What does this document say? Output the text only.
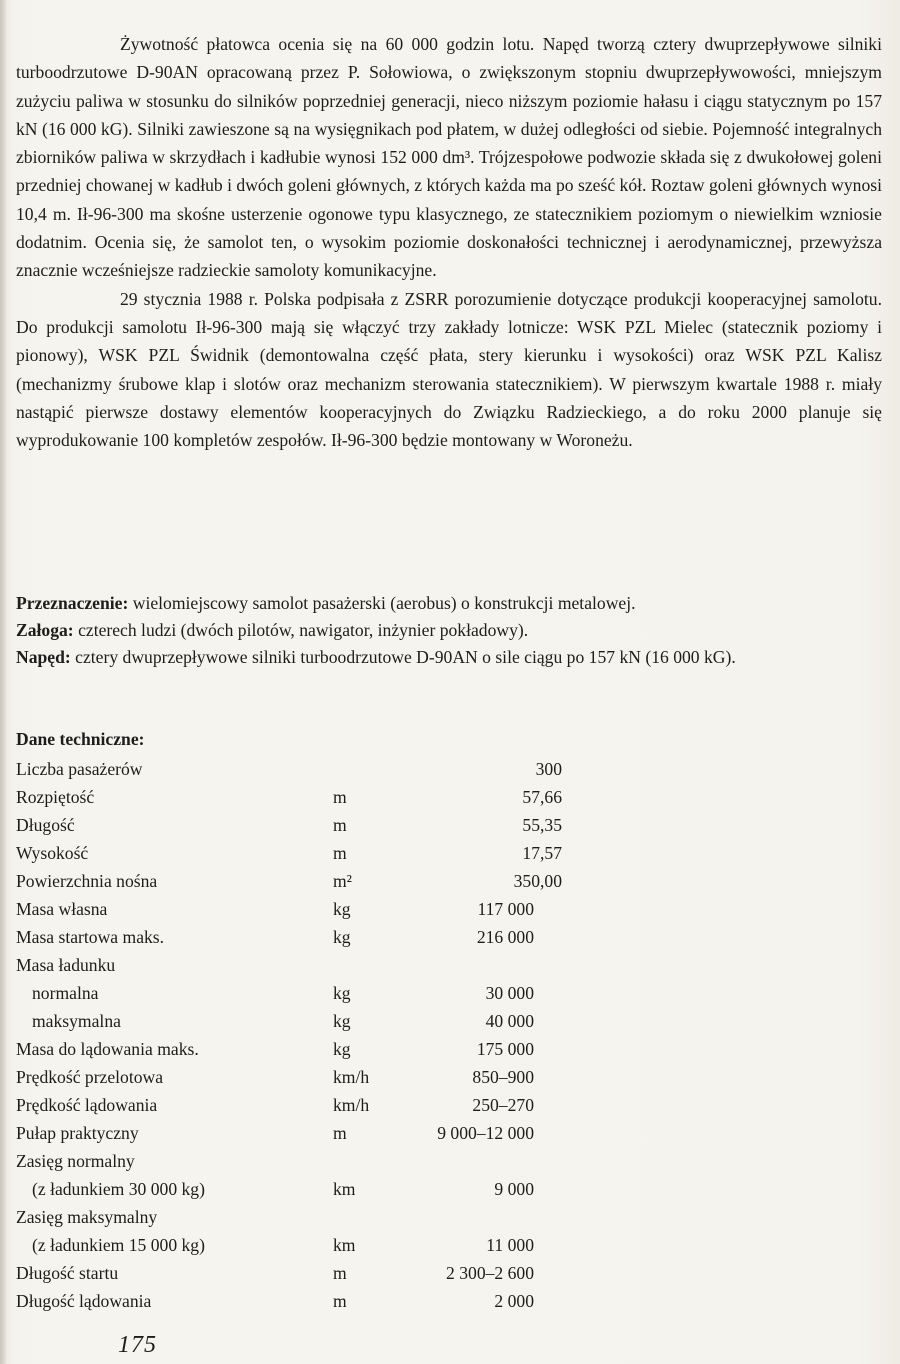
Żywotność płatowca ocenia się na 60 000 godzin lotu. Napęd tworzą cztery dwuprzepływowe silniki turboodrzutowe D-90AN opracowaną przez P. Sołowiowa, o zwiększonym stopniu dwuprzepływowości, mniejszym zużyciu paliwa w stosunku do silników poprzedniej generacji, nieco niższym poziomie hałasu i ciągu statycznym po 157 kN (16 000 kG). Silniki zawieszone są na wysięgnikach pod płatem, w dużej odległości od siebie. Pojemność integralnych zbiorników paliwa w skrzydłach i kadłubie wynosi 152 000 dm³. Trójzespołowe podwozie składa się z dwukołowej goleni przedniej chowanej w kadłub i dwóch goleni głównych, z których każda ma po sześć kół. Roztaw goleni głównych wynosi 10,4 m. Ił-96-300 ma skośne usterzenie ogonowe typu klasycznego, ze statecznikiem poziomym o niewielkim wzniosie dodatnim. Ocenia się, że samolot ten, o wysokim poziomie doskonałości technicznej i aerodynamicznej, przewyższa znacznie wcześniejsze radzieckie samoloty komunikacyjne.

29 stycznia 1988 r. Polska podpisała z ZSRR porozumienie dotyczące produkcji kooperacyjnej samolotu. Do produkcji samolotu Ił-96-300 mają się włączyć trzy zakłady lotnicze: WSK PZL Mielec (statecznik poziomy i pionowy), WSK PZL Świdnik (demontowalna część płata, stery kierunku i wysokości) oraz WSK PZL Kalisz (mechanizmy śrubowe klap i slotów oraz mechanizm sterowania statecznikiem). W pierwszym kwartale 1988 r. miały nastąpić pierwsze dostawy elementów kooperacyjnych do Związku Radzieckiego, a do roku 2000 planuje się wyprodukowanie 100 kompletów zespołów. Ił-96-300 będzie montowany w Woroneżu.

Przeznaczenie: wielomiejscowy samolot pasażerski (aerobus) o konstrukcji metalowej.

Załoga: czterech ludzi (dwóch pilotów, nawigator, inżynier pokładowy).

Napęd: cztery dwuprzepływowe silniki turboodrzutowe D-90AN o sile ciągu po 157 kN (16 000 kG).

Dane techniczne:
Liczba pasażerów	300
Rozpiętość	m	57,66
Długość	m	55,35
Wysokość	m	17,57
Powierzchnia nośna	m²	350,00
Masa własna	kg	117 000
Masa startowa maks.	kg	216 000
Masa ładunku
normalna	kg	30 000
maksymalna	kg	40 000
Masa do lądowania maks.	kg	175 000
Prędkość przelotowa	km/h	850–900
Prędkość lądowania	km/h	250–270
Pułap praktyczny	m	9 000–12 000
Zasięg normalny
(z ładunkiem 30 000 kg)	km	9 000
Zasięg maksymalny
(z ładunkiem 15 000 kg)	km	11 000
Długość startu	m	2 300–2 600
Długość lądowania	m	2 000
175
